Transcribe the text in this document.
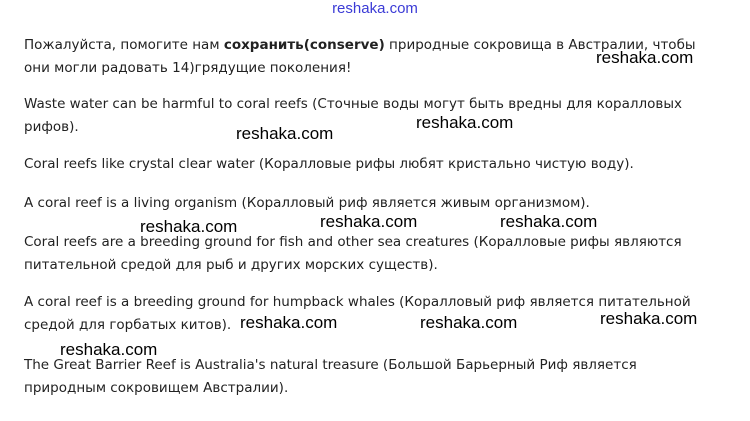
reshaka.com

Пожалуйста, помогите нам сохранить(conserve) природные сокровища в Австралии, чтобы они могли радовать 14)грядущие поколения!

Waste water can be harmful to coral reefs (Сточные воды могут быть вредны для коралловых рифов).

Coral reefs like crystal clear water (Коралловые рифы любят кристально чистую воду).

A coral reef is a living organism (Коралловый риф является живым организмом).

Coral reefs are a breeding ground for fish and other sea creatures (Коралловые рифы являются питательной средой для рыб и других морских существ).

A coral reef is a breeding ground for humpback whales (Коралловый риф является питательной средой для горбатых китов).

The Great Barrier Reef is Australia's natural treasure (Большой Барьерный Риф является природным сокровищем Австралии).

reshaka.com
reshaka.com
reshaka.com
reshaka.com	reshaka.com	reshaka.com
reshaka.com	reshaka.com	reshaka.com
reshaka.com
